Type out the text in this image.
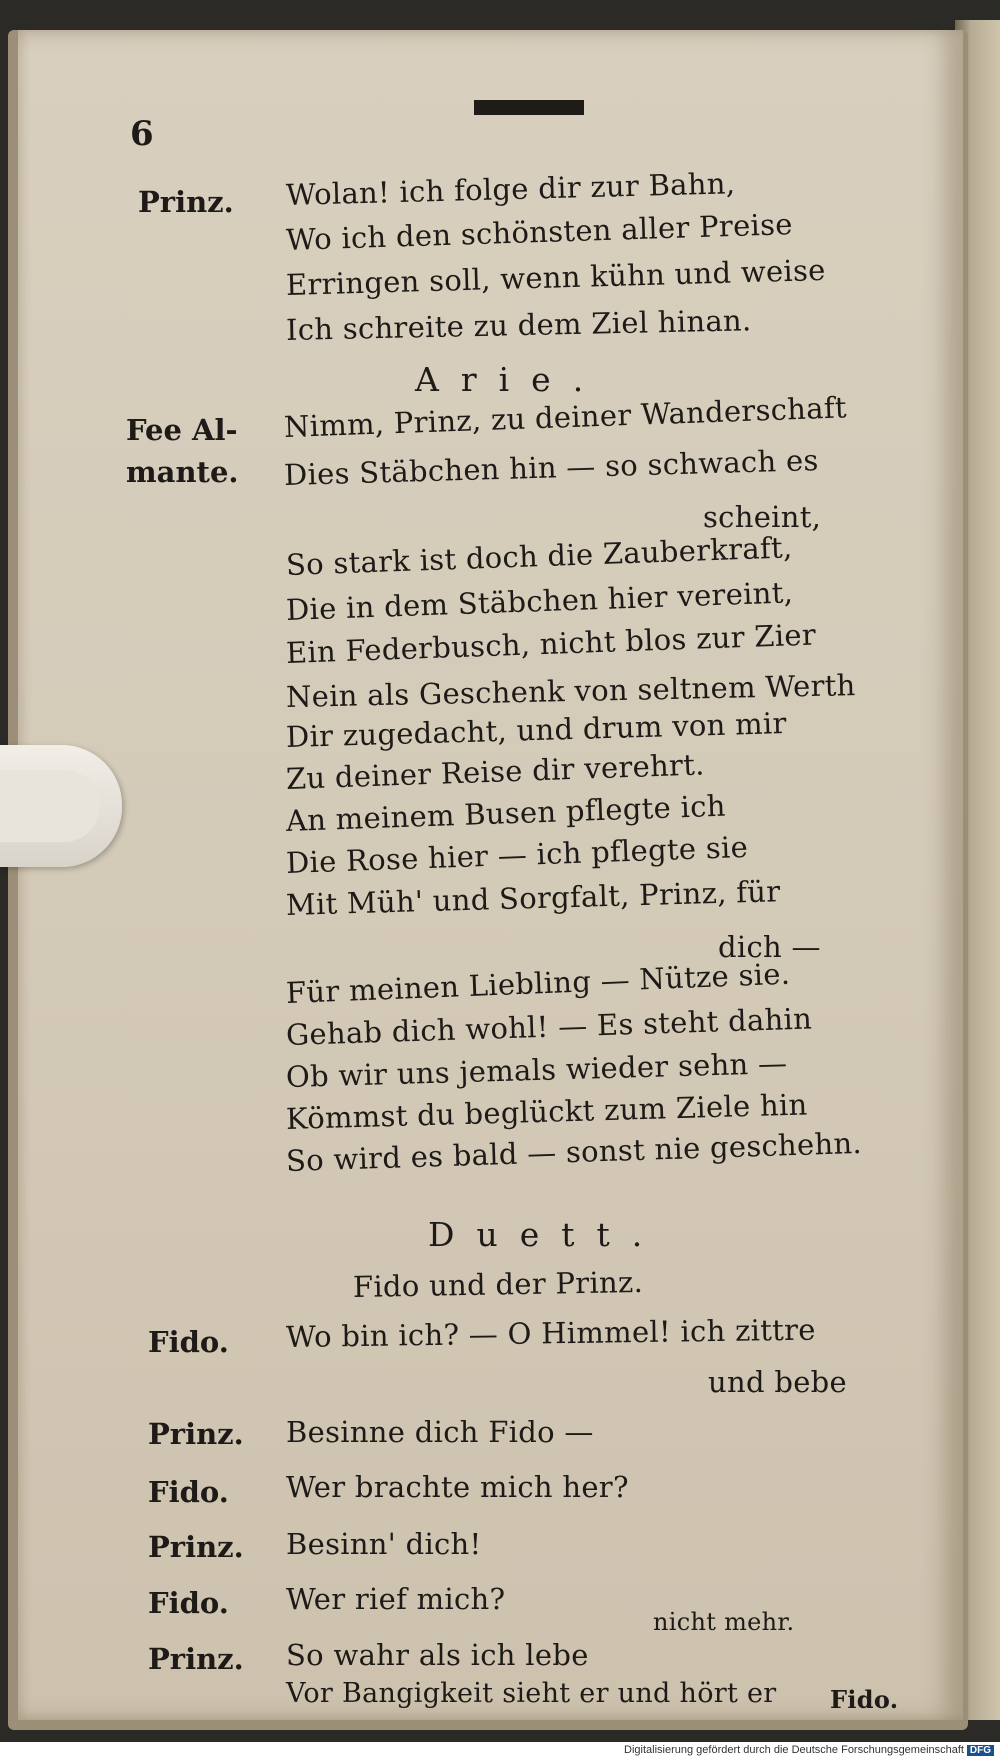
6
Prinz. Wolan! ich folge dir zur Bahn,
Wo ich den schönsten aller Preise
Erringen soll, wenn kühn und weise
Ich schreite zu dem Ziel hinan.
Arie.
Fee Al-
mante.
Nimm, Prinz, zu deiner Wanderschaft
Dies Stäbchen hin — so schwach es
scheint,
So stark ist doch die Zauberkraft,
Die in dem Stäbchen hier vereint,
Ein Federbusch, nicht blos zur Zier
Nein als Geschenk von seltnem Werth
Dir zugedacht, und drum von mir
Zu deiner Reise dir verehrt.
An meinem Busen pflegte ich
Die Rose hier — ich pflegte sie
Mit Müh' und Sorgfalt, Prinz, für
dich —
Für meinen Liebling — Nütze sie.
Gehab dich wohl! — Es steht dahin
Ob wir uns jemals wieder sehn —
Kömmst du beglückt zum Ziele hin
So wird es bald — sonst nie geschehn.
Duett.
Fido und der Prinz.
Fido. Wo bin ich? — O Himmel! ich zittre
und bebe
Prinz. Besinne dich Fido —
Fido. Wer brachte mich her?
Prinz. Besinn' dich!
Fido. Wer rief mich?
Prinz. So wahr als ich lebe
Vor Bangigkeit sieht er und hört er
nicht mehr.
Fido.
Digitalisierung gefördert durch die Deutsche Forschungsgemeinschaft DFG
